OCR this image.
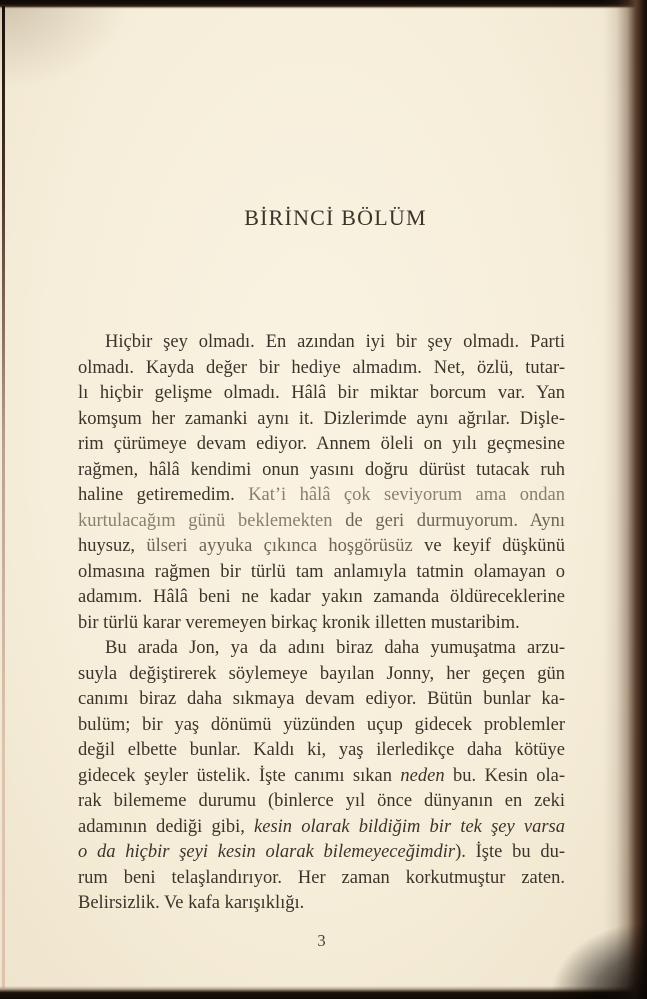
BİRİNCİ BÖLÜM
Hiçbir şey olmadı. En azından iyi bir şey olmadı. Parti
olmadı. Kayda değer bir hediye almadım. Net, özlü, tutar-
lı hiçbir gelişme olmadı. Hâlâ bir miktar borcum var. Yan
komşum her zamanki aynı it. Dizlerimde aynı ağrılar. Dişle-
rim çürümeye devam ediyor. Annem öleli on yılı geçmesine
rağmen, hâlâ kendimi onun yasını doğru dürüst tutacak ruh
haline getiremedim. Kat’i hâlâ çok seviyorum ama ondan
kurtulacağım günü beklemekten de geri durmuyorum. Aynı
huysuz, ülseri ayyuka çıkınca hoşgörüsüz ve keyif düşkünü
olmasına rağmen bir türlü tam anlamıyla tatmin olamayan o
adamım. Hâlâ beni ne kadar yakın zamanda öldüreceklerine
bir türlü karar veremeyen birkaç kronik illetten mustaribim.
Bu arada Jon, ya da adını biraz daha yumuşatma arzu-
suyla değiştirerek söylemeye bayılan Jonny, her geçen gün
canımı biraz daha sıkmaya devam ediyor. Bütün bunlar ka-
bulüm; bir yaş dönümü yüzünden uçup gidecek problemler
değil elbette bunlar. Kaldı ki, yaş ilerledikçe daha kötüye
gidecek şeyler üstelik. İşte canımı sıkan neden bu. Kesin ola-
rak bilememe durumu (binlerce yıl önce dünyanın en zeki
adamının dediği gibi, kesin olarak bildiğim bir tek şey varsa
o da hiçbir şeyi kesin olarak bilemeyeceğimdir). İşte bu du-
rum beni telaşlandırıyor. Her zaman korkutmuştur zaten.
Belirsizlik. Ve kafa karışıklığı.
3
